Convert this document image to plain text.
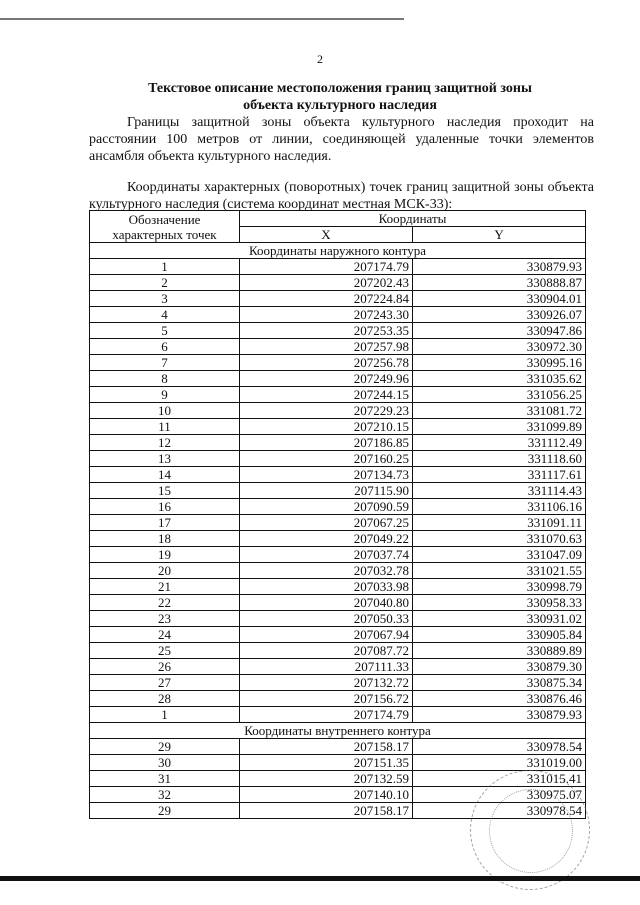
2
Текстовое описание местоположения границ защитной зоны
объекта культурного наследия
Границы защитной зоны объекта культурного наследия проходит на расстоянии 100 метров от линии, соединяющей удаленные точки элементов ансамбля объекта культурного наследия.
Координаты характерных (поворотных) точек границ защитной зоны объекта культурного наследия (система координат местная МСК-33):
Обозначение характерных точек	Координаты	
	X	Y
Координаты наружного контура		
1	207174.79	330879.93
2	207202.43	330888.87
3	207224.84	330904.01
4	207243.30	330926.07
5	207253.35	330947.86
6	207257.98	330972.30
7	207256.78	330995.16
8	207249.96	331035.62
9	207244.15	331056.25
10	207229.23	331081.72
11	207210.15	331099.89
12	207186.85	331112.49
13	207160.25	331118.60
14	207134.73	331117.61
15	207115.90	331114.43
16	207090.59	331106.16
17	207067.25	331091.11
18	207049.22	331070.63
19	207037.74	331047.09
20	207032.78	331021.55
21	207033.98	330998.79
22	207040.80	330958.33
23	207050.33	330931.02
24	207067.94	330905.84
25	207087.72	330889.89
26	207111.33	330879.30
27	207132.72	330875.34
28	207156.72	330876.46
1	207174.79	330879.93
Координаты внутреннего контура		
29	207158.17	330978.54
30	207151.35	331019.00
31	207132.59	331015.41
32	207140.10	330975.07
29	207158.17	330978.54
